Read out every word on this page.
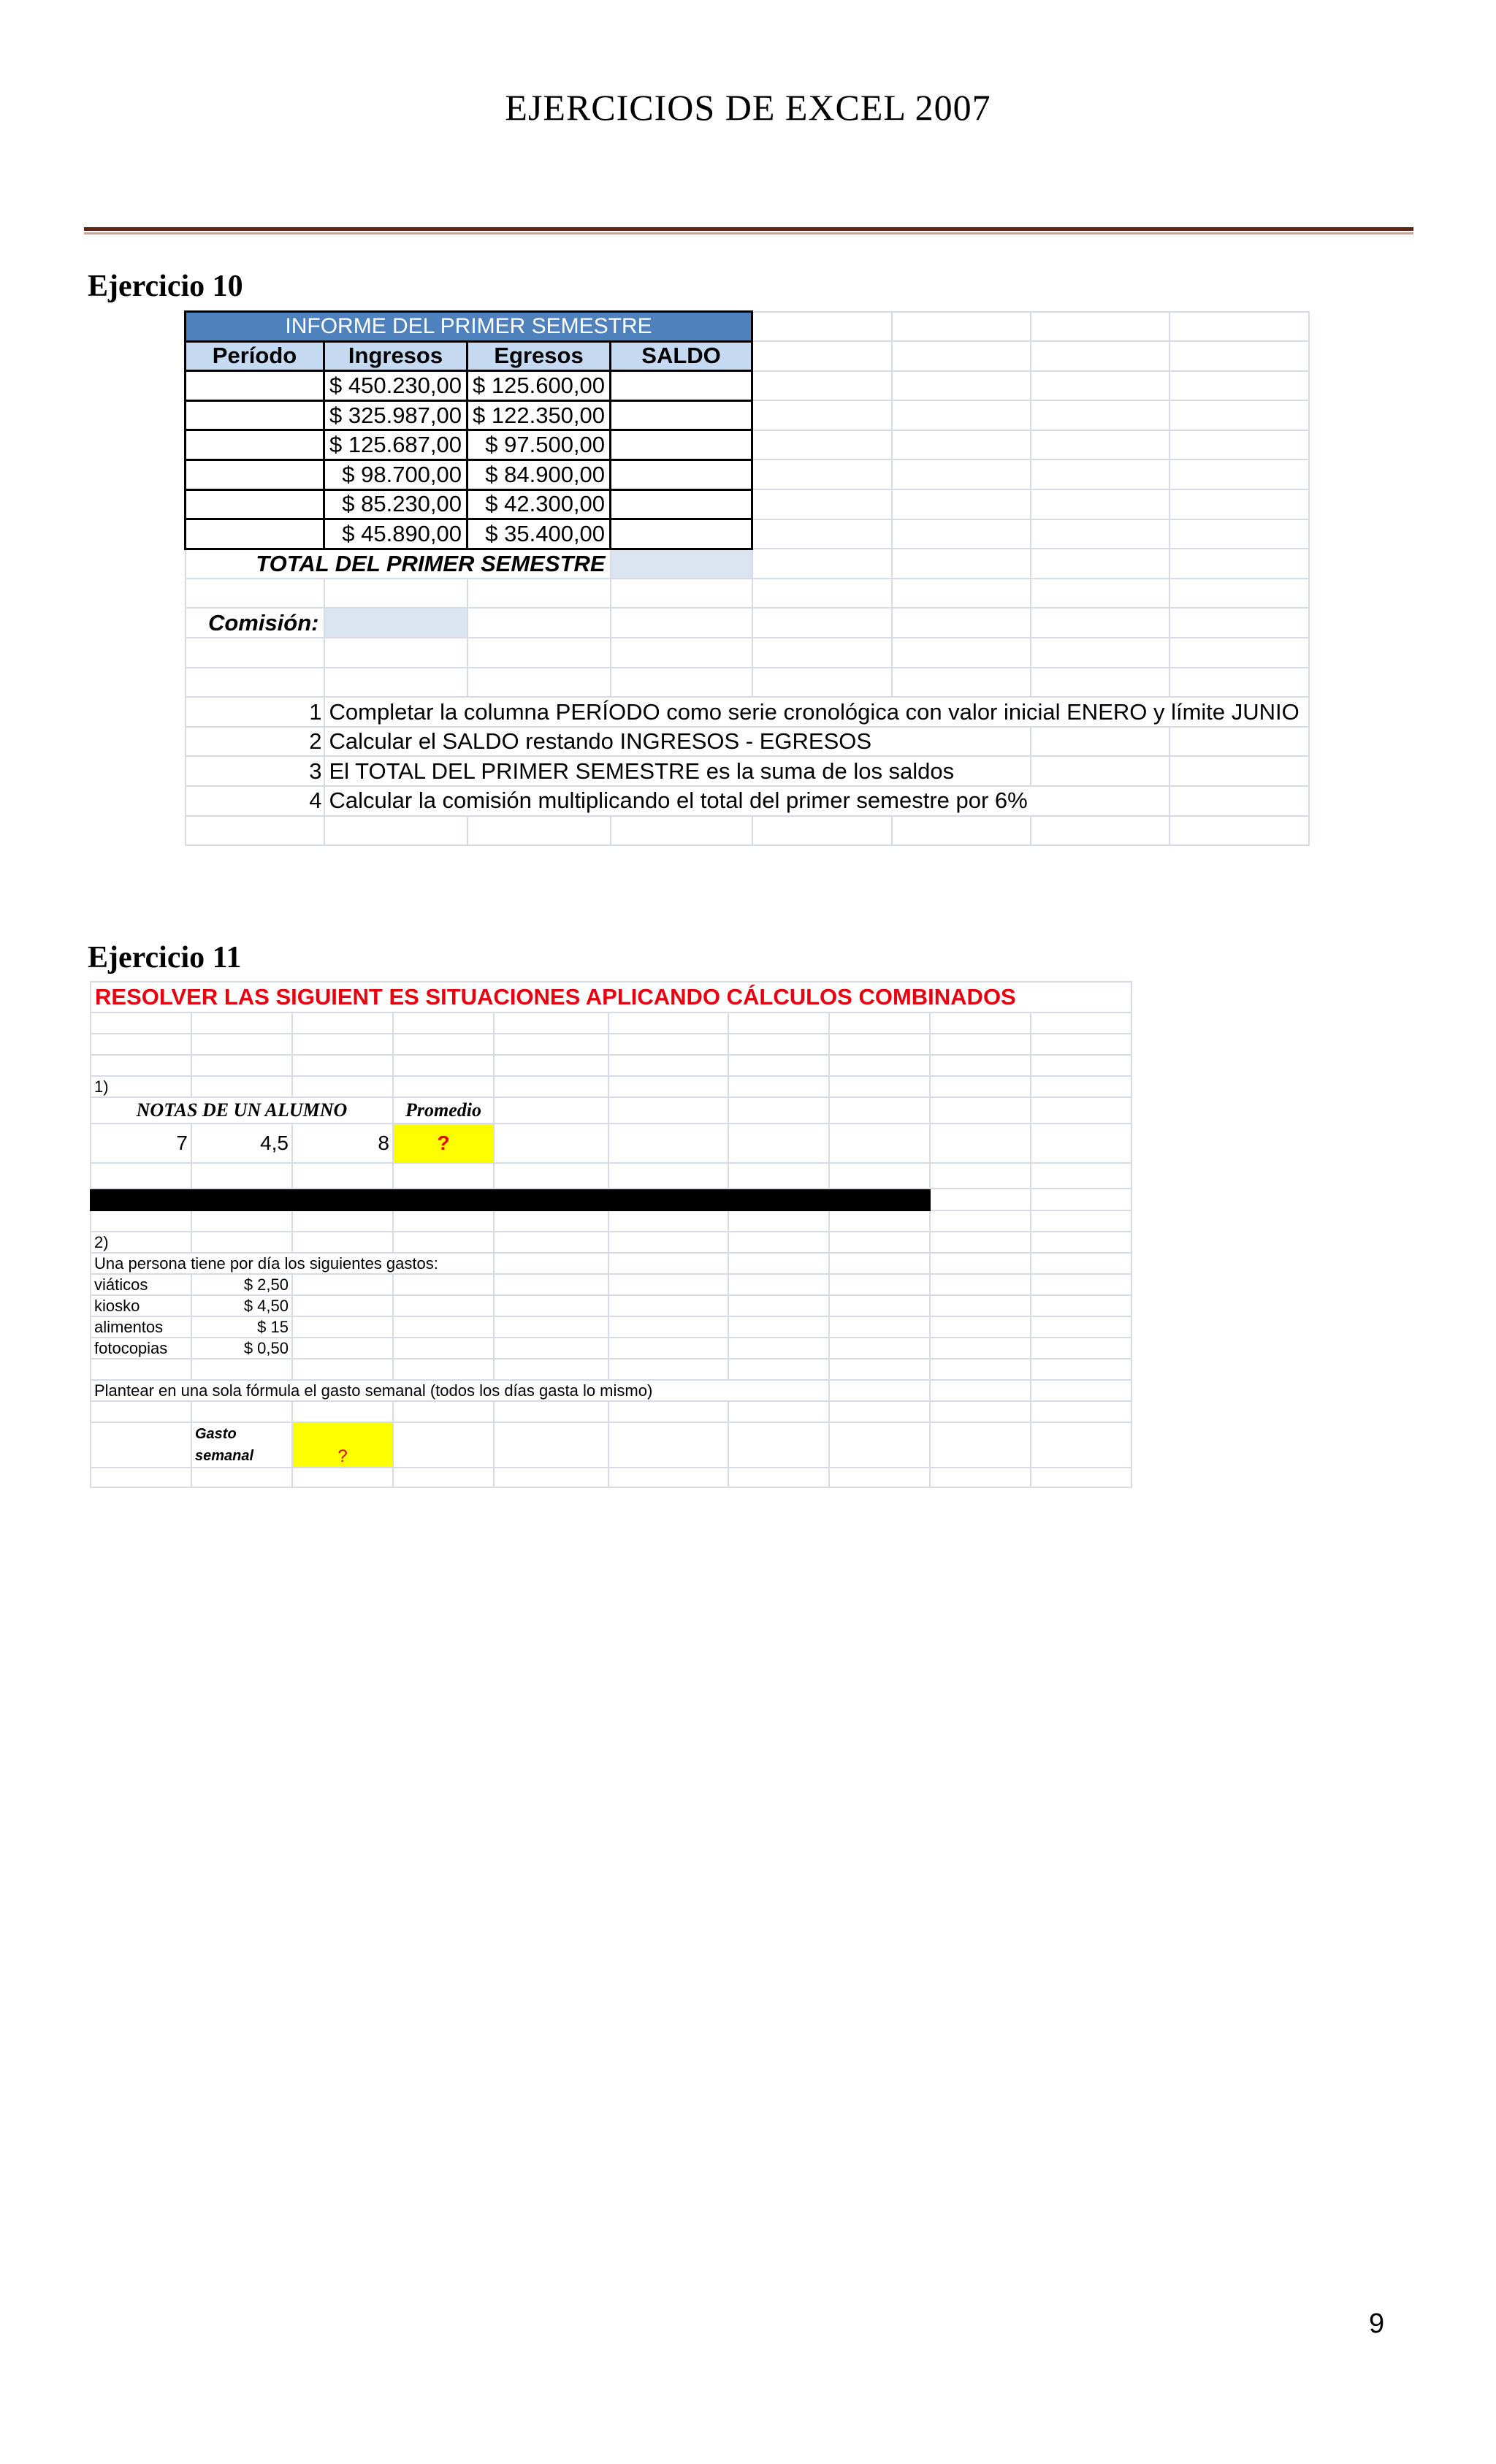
EJERCICIOS DE EXCEL 2007
Ejercicio 10
INFORME DEL PRIMER SEMESTRE							
Período	Ingresos	Egresos	SALDO				
	$ 450.230,00	$ 125.600,00					
	$ 325.987,00	$ 122.350,00					
	$ 125.687,00	$ 97.500,00					
	$ 98.700,00	$ 84.900,00					
	$ 85.230,00	$ 42.300,00					
	$ 45.890,00	$ 35.400,00					
TOTAL DEL PRIMER SEMESTRE							

Comisión:							

1	Completar la columna PERÍODO como serie cronológica con valor inicial ENERO y límite JUNIO						
2	Calcular el SALDO restando INGRESOS - EGRESOS						
3	El TOTAL DEL PRIMER SEMESTRE es la suma de los saldos						
4	Calcular la comisión multiplicando el total del primer semestre por 6%						

Ejercicio 11
RESOLVER LAS SIGUIENT ES SITUACIONES APLICANDO CÁLCULOS COMBINADOS									

1)									
NOTAS DE UN ALUMNO			Promedio						
7	4,5	8	?						

2)									
Una persona tiene por día los siguientes gastos:									
viáticos	$ 2,50								
kiosko	$ 4,50								
alimentos	$ 15								
fotocopias	$ 0,50								

Plantear en una sola fórmula el gasto semanal (todos los días gasta lo mismo)									

	Gasto semanal	?							

9
